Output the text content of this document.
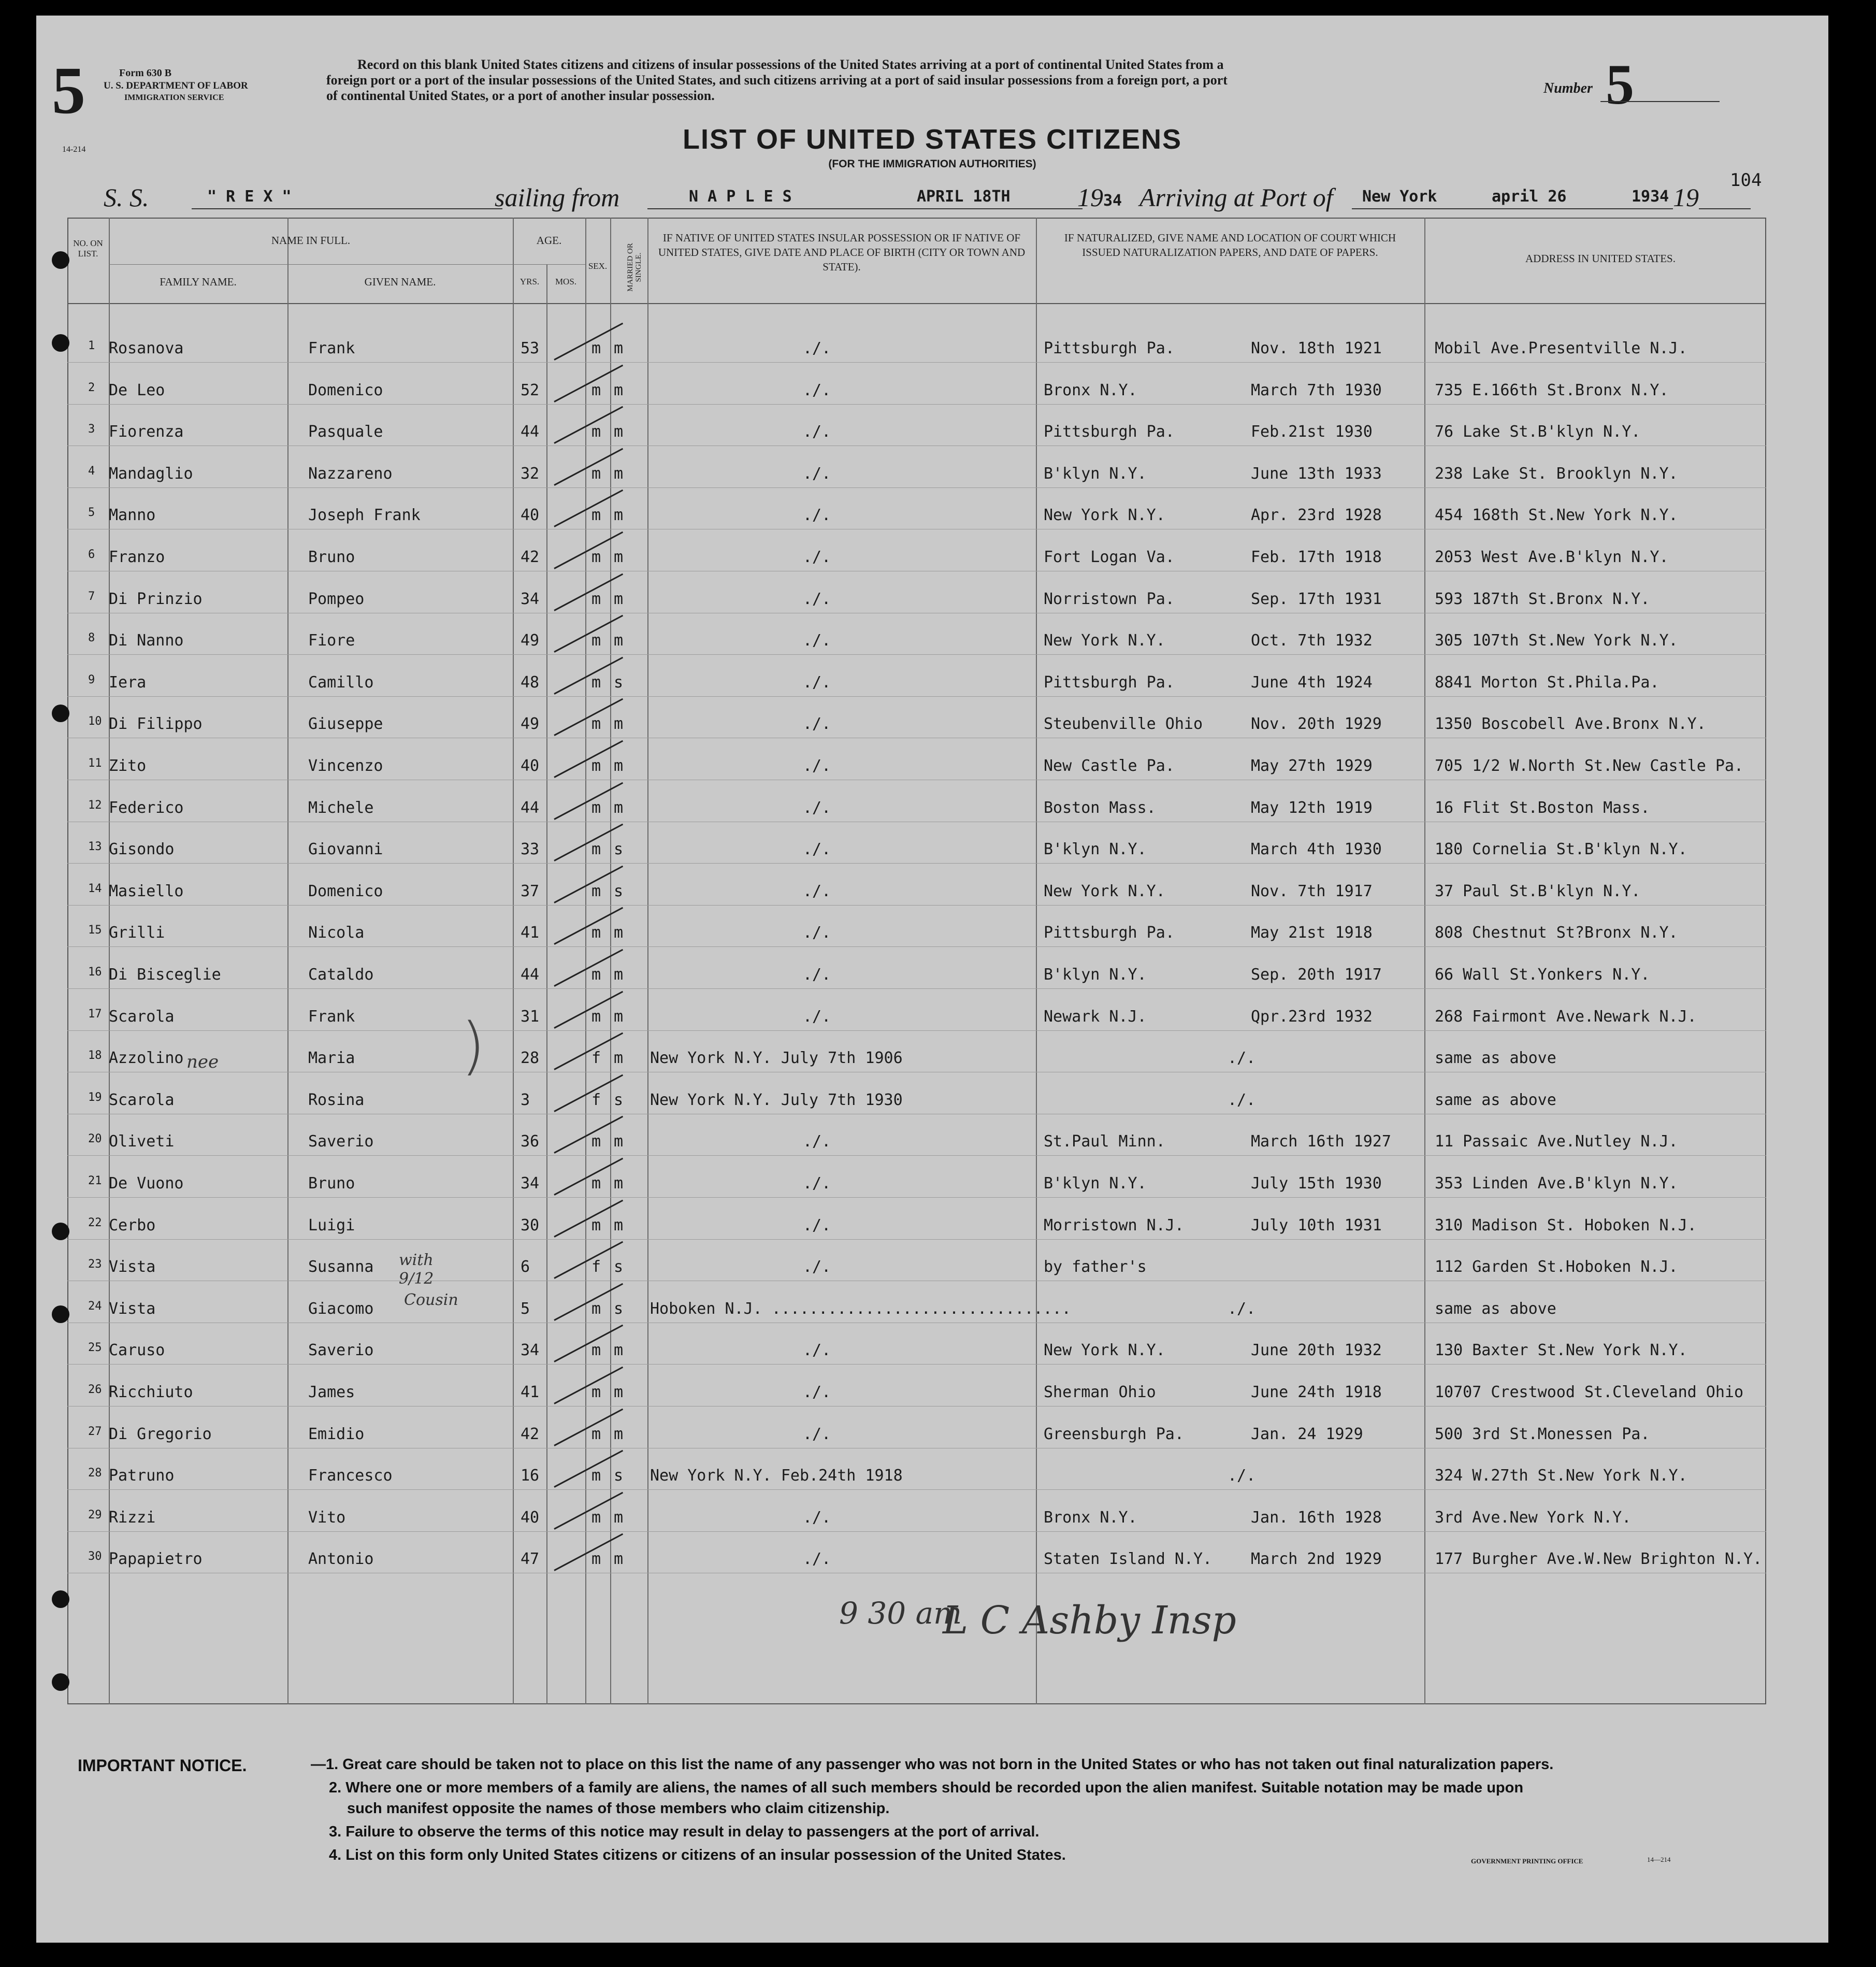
5	Form 630 B
U. S. DEPARTMENT OF LABOR
IMMIGRATION SERVICE
14-214
Record on this blank United States citizens and citizens of insular possessions of the United States arriving at a port of continental United States from a
foreign port or a port of the insular possessions of the United States, and such citizens arriving at a port of said insular possessions from a foreign port, a port
of continental United States, or a port of another insular possession.	Number 5
LIST OF UNITED STATES CITIZENS
(FOR THE IMMIGRATION AUTHORITIES)
S. S.	" R E X "	sailing from	N A P L E S	APRIL 18TH	19 34 Arriving at Port of New York	april 26	1934 19
104
NO. ON LIST.
NAME IN FULL.
FAMILY NAME.	GIVEN NAME.
AGE.
YRS.	MOS.
SEX.	MARRIED OR SINGLE.
IF NATIVE OF UNITED STATES INSULAR POSSESSION OR IF NATIVE OF UNITED STATES, GIVE DATE AND PLACE OF BIRTH (CITY OR TOWN AND STATE).
IF NATURALIZED, GIVE NAME AND LOCATION OF COURT WHICH ISSUED NATURALIZATION PAPERS, AND DATE OF PAPERS.	ADDRESS IN UNITED STATES.
1 Rosanova	Frank	53	m m	./.	Pittsburgh Pa.	Nov. 18th 1921	Mobil Ave.Presentville N.J.
2 De Leo	Domenico	52	m m	./.	Bronx N.Y.	March 7th 1930	735 E.166th St.Bronx N.Y.
3 Fiorenza	Pasquale	44	m m	./.	Pittsburgh Pa.	Feb.21st 1930	76 Lake St.B'klyn N.Y.
4 Mandaglio	Nazzareno	32	m m	./.	B'klyn N.Y.	June 13th 1933	238 Lake St. Brooklyn N.Y.
5 Manno	Joseph Frank	40	m m	./.	New York N.Y.	Apr. 23rd 1928	454 168th St.New York N.Y.
6 Franzo	Bruno	42	m m	./.	Fort Logan Va.	Feb. 17th 1918	2053 West Ave.B'klyn N.Y.
7 Di Prinzio	Pompeo	34	m m	./.	Norristown Pa.	Sep. 17th 1931	593 187th St.Bronx N.Y.
8 Di Nanno	Fiore	49	m m	./.	New York N.Y.	Oct. 7th 1932	305 107th St.New York N.Y.
9 Iera	Camillo	48	m s	./.	Pittsburgh Pa.	June 4th 1924	8841 Morton St.Phila.Pa.
10 Di Filippo	Giuseppe	49	m m	./.	Steubenville Ohio	Nov. 20th 1929	1350 Boscobell Ave.Bronx N.Y.
11 Zito	Vincenzo	40	m m	./.	New Castle Pa.	May 27th 1929	705 1/2 W.North St.New Castle Pa.
12 Federico	Michele	44	m m	./.	Boston Mass.	May 12th 1919	16 Flit St.Boston Mass.
13 Gisondo	Giovanni	33	m s	./.	B'klyn N.Y.	March 4th 1930	180 Cornelia St.B'klyn N.Y.
14 Masiello	Domenico	37	m s	./.	New York N.Y.	Nov. 7th 1917	37 Paul St.B'klyn N.Y.
15 Grilli	Nicola	41	m m	./.	Pittsburgh Pa.	May 21st 1918	808 Chestnut St?Bronx N.Y.
16 Di Bisceglie	Cataldo	44	m m	./.	B'klyn N.Y.	Sep. 20th 1917	66 Wall St.Yonkers N.Y.
17 Scarola	Frank	31	m m	./.	Newark N.J.	Qpr.23rd 1932	268 Fairmont Ave.Newark N.J.
18 Azzolino	Maria	28	f m New York N.Y. July 7th 1906	./.	same as above
19 Scarola	Rosina	3	f s New York N.Y. July 7th 1930	./.	same as above
20 Oliveti	Saverio	36	m m	./.	St.Paul Minn.	March 16th 1927	11 Passaic Ave.Nutley N.J.
21 De Vuono	Bruno	34	m m	./.	B'klyn N.Y.	July 15th 1930	353 Linden Ave.B'klyn N.Y.
22 Cerbo	Luigi	30	m m	./.	Morristown N.J.	July 10th 1931	310 Madison St. Hoboken N.J.
23 Vista	Susanna	6	f s	./.	by father's	112 Garden St.Hoboken N.J.
24 Vista	Giacomo	5	m s Hoboken N.J. ................................	./.	same as above
25 Caruso	Saverio	34	m m	./.	New York N.Y.	June 20th 1932	130 Baxter St.New York N.Y.
26 Ricchiuto	James	41	m m	./.	Sherman Ohio	June 24th 1918	10707 Crestwood St.Cleveland Ohio
27 Di Gregorio	Emidio	42	m m	./.	Greensburgh Pa.	Jan. 24 1929	500 3rd St.Monessen Pa.
28 Patruno	Francesco	16	m s New York N.Y. Feb.24th 1918	./.	324 W.27th St.New York N.Y.
29 Rizzi	Vito	40	m m	./.	Bronx N.Y.	Jan. 16th 1928	3rd Ave.New York N.Y.
30 Papapietro	Antonio	47	m m	./.	Staten Island N.Y. March 2nd 1929	177 Burgher Ave.W.New Brighton N.Y.
nee	)
with 9/12
Cousin
9 30 am
L C Ashby Insp
IMPORTANT NOTICE.	—1. Great care should be taken not to place on this list the name of any passenger who was not born in the United States or who has not taken out final naturalization papers.
2. Where one or more members of a family are aliens, the names of all such members should be recorded upon the alien manifest. Suitable notation may be made upon
such manifest opposite the names of those members who claim citizenship.
3. Failure to observe the terms of this notice may result in delay to passengers at the port of arrival.
4. List on this form only United States citizens or citizens of an insular possession of the United States.	GOVERNMENT PRINTING OFFICE	14—214
